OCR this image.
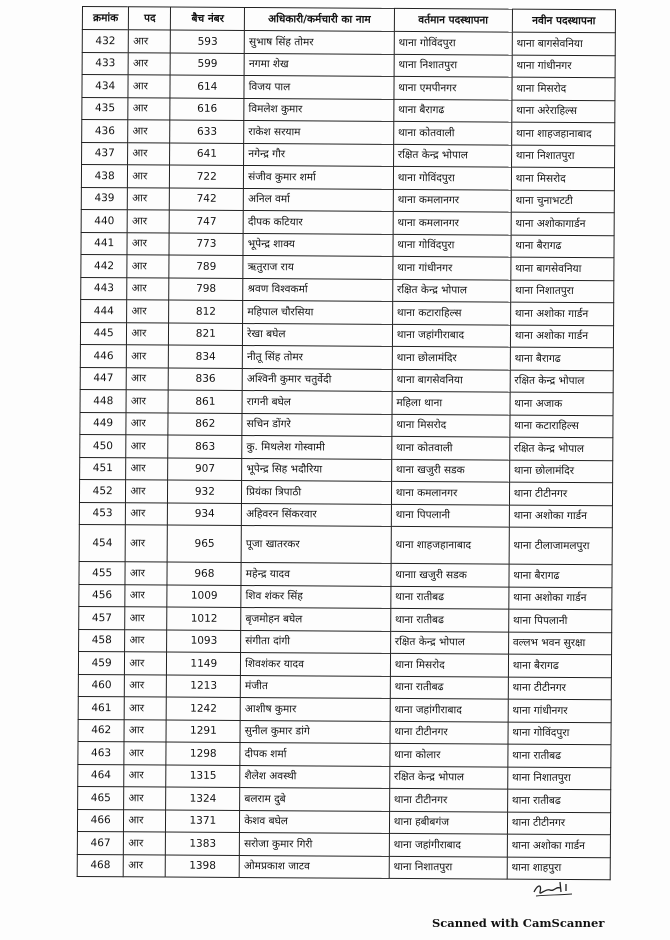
क्रमांक	पद	बैच नंबर	अधिकारी/कर्मचारी का नाम	वर्तमान पदस्थापना	नवीन पदस्थापना
432	आर	593	सुभाष सिंह तोमर	थाना गोविंदपुरा	थाना बागसेवनिया
433	आर	599	नगमा शेख	थाना निशातपुरा	थाना गांधीनगर
434	आर	614	विजय पाल	थाना एमपीनगर	थाना मिसरोद
435	आर	616	विमलेश कुमार	थाना बैरागढ	थाना अरेराहिल्स
436	आर	633	राकेश सरयाम	थाना कोतवाली	थाना शाहजहानाबाद
437	आर	641	नगेन्द्र गौर	रक्षित केन्द्र भोपाल	थाना निशातपुरा
438	आर	722	संजीव कुमार शर्मा	थाना गोविंदपुरा	थाना मिसरोद
439	आर	742	अनिल वर्मा	थाना कमलानगर	थाना चुनाभटटी
440	आर	747	दीपक कटियार	थाना कमलानगर	थाना अशोकागार्डन
441	आर	773	भूपेन्द्र शाक्य	थाना गोविंदपुरा	थाना बैरागढ
442	आर	789	ऋतुराज राय	थाना गांधीनगर	थाना बागसेवनिया
443	आर	798	श्रवण विश्वकर्मा	रक्षित केन्द्र भोपाल	थाना निशातपुरा
444	आर	812	महिपाल चौरसिया	थाना कटाराहिल्स	थाना अशोका गार्डन
445	आर	821	रेखा बघेल	थाना जहांगीराबाद	थाना अशोका गार्डन
446	आर	834	नीतू सिंह तोमर	थाना छोलामंदिर	थाना बैरागढ
447	आर	836	अश्विनी कुमार चतुर्वेदी	थाना बागसेवनिया	रक्षित केन्द्र भोपाल
448	आर	861	रागनी बघेल	महिला थाना	थाना अजाक
449	आर	862	सचिन डोंगरे	थाना मिसरोद	थाना कटाराहिल्स
450	आर	863	कु. मिथलेश गोस्वामी	थाना कोतवाली	रक्षित केन्द्र भोपाल
451	आर	907	भूपेन्द्र सिह भदौरिया	थाना खजुरी सडक	थाना छोलामंदिर
452	आर	932	प्रियंका त्रिपाठी	थाना कमलानगर	थाना टीटीनगर
453	आर	934	अहिवरन सिंकरवार	थाना पिपलानी	थाना अशोका गार्डन
454	आर	965	पूजा खातरकर	थाना शाहजहानाबाद	थाना टीलाजामलपुरा
455	आर	968	महेन्द्र यादव	थानाा खजुरी सडक	थाना बैरागढ
456	आर	1009	शिव शंकर सिंह	थाना रातीबढ	थाना अशोका गार्डन
457	आर	1012	बृजमोहन बघेल	थाना रातीबढ	थाना पिपलानी
458	आर	1093	संगीता दांगी	रक्षित केन्द्र भोपाल	वल्लभ भवन सुरक्षा
459	आर	1149	शिवशंकर यादव	थाना मिसरोद	थाना बैरागढ
460	आर	1213	मंजीत	थाना रातीबढ	थाना टीटीनगर
461	आर	1242	आशीष कुमार	थाना जहांगीराबाद	थाना गांधीनगर
462	आर	1291	सुनील कुमार डांगे	थाना टीटीनगर	थाना गोविंदपुरा
463	आर	1298	दीपक शर्मा	थाना कोलार	थाना रातीबढ
464	आर	1315	शैलेश अवस्थी	रक्षित केन्द्र भोपाल	थाना निशातपुरा
465	आर	1324	बलराम दुबे	थाना टीटीनगर	थाना रातीबढ
466	आर	1371	केशव बघेल	थाना हबीबगंज	थाना टीटीनगर
467	आर	1383	सरोजा कुमार गिरी	थाना जहांगीराबाद	थाना अशोका गार्डन
468	आर	1398	ओमप्रकाश जाटव	थाना निशातपुरा	थाना शाहपुरा
Scanned with CamScanner
